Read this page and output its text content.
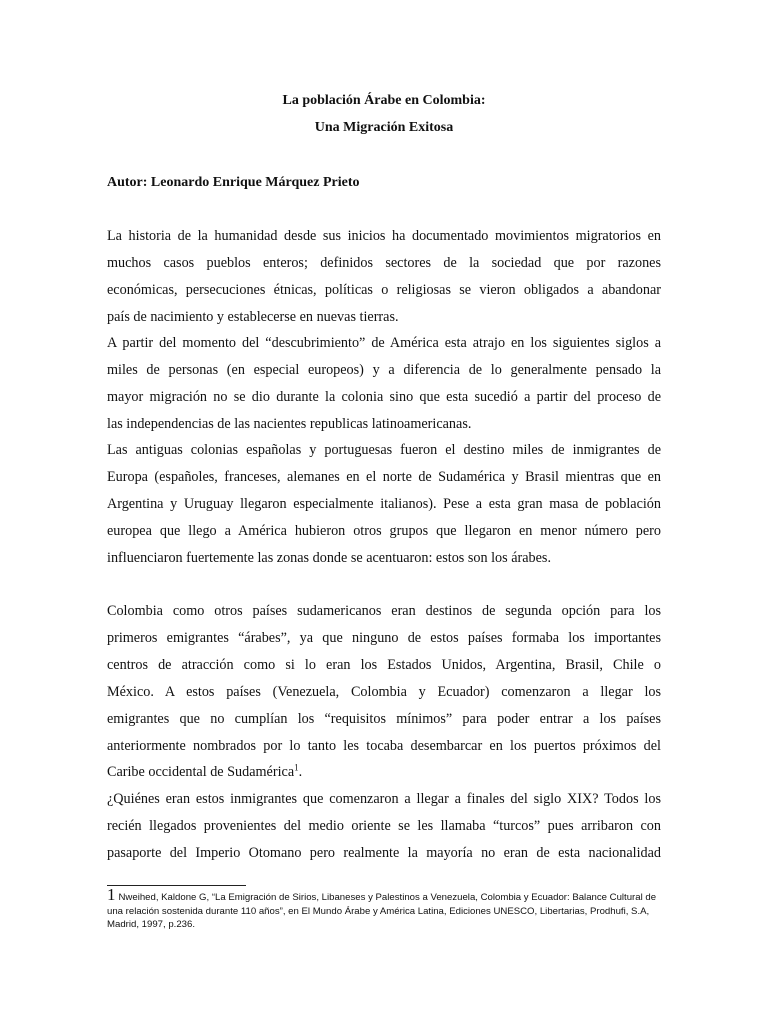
La población Árabe en Colombia:
Una Migración Exitosa
Autor: Leonardo Enrique Márquez Prieto
La historia de la humanidad desde sus inicios ha documentado movimientos migratorios en
muchos casos pueblos enteros; definidos sectores de la sociedad que por razones
económicas, persecuciones étnicas, políticas o religiosas se vieron obligados a abandonar
país de nacimiento y establecerse en nuevas tierras.
A partir del momento del “descubrimiento” de América esta atrajo en los siguientes siglos a
miles de personas (en especial europeos) y a diferencia de lo generalmente pensado la
mayor migración no se dio durante la colonia sino que esta sucedió a partir del proceso de
las independencias de las nacientes republicas latinoamericanas.
Las antiguas colonias españolas y portuguesas fueron el destino miles de inmigrantes de
Europa (españoles, franceses, alemanes en el norte de Sudamérica y Brasil mientras que en
Argentina y Uruguay llegaron especialmente italianos). Pese a esta gran masa de población
europea que llego a América hubieron otros grupos que llegaron en menor número pero
influenciaron fuertemente las zonas donde se acentuaron: estos son los árabes.
Colombia como otros países sudamericanos eran destinos de segunda opción para los
primeros emigrantes “árabes”, ya que ninguno de estos países formaba los importantes
centros de atracción como si lo eran los Estados Unidos, Argentina, Brasil, Chile o
México. A estos países (Venezuela, Colombia y Ecuador) comenzaron a llegar los
emigrantes que no cumplían los “requisitos mínimos” para poder entrar a los países
anteriormente nombrados por lo tanto les tocaba desembarcar en los puertos próximos del
Caribe occidental de Sudamérica$^1$.
¿Quiénes eran estos inmigrantes que comenzaron a llegar a finales del siglo XIX? Todos los
recién llegados provenientes del medio oriente se les llamaba “turcos” pues arribaron con
pasaporte del Imperio Otomano pero realmente la mayoría no eran de esta nacionalidad
1 Nweihed, Kaldone G, “La Emigración de Sirios, Libaneses y Palestinos a Venezuela, Colombia y Ecuador: Balance Cultural de una relación sostenida durante 110 años”, en El Mundo Árabe y América Latina, Ediciones UNESCO, Libertarias, Prodhufi, S.A, Madrid, 1997, p.236.
